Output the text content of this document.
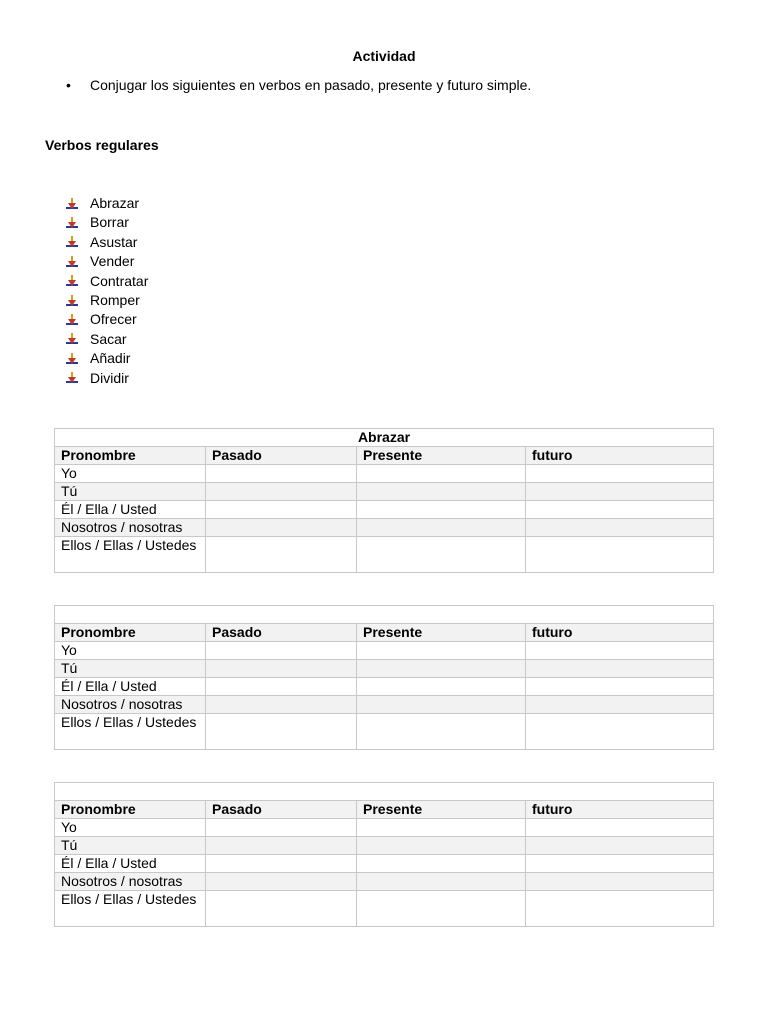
Actividad
• Conjugar los siguientes en verbos en pasado, presente y futuro simple.
Verbos regulares
Abrazar
Borrar
Asustar
Vender
Contratar
Romper
Ofrecer
Sacar
Añadir
Dividir
Abrazar			
Pronombre	Pasado	Presente	futuro
Yo			
Tú			
Él / Ella / Usted			
Nosotros / nosotras			
Ellos / Ellas / Ustedes			

Pronombre	Pasado	Presente	futuro
Yo			
Tú			
Él / Ella / Usted			
Nosotros / nosotras			
Ellos / Ellas / Ustedes			

Pronombre	Pasado	Presente	futuro
Yo			
Tú			
Él / Ella / Usted			
Nosotros / nosotras			
Ellos / Ellas / Ustedes			
